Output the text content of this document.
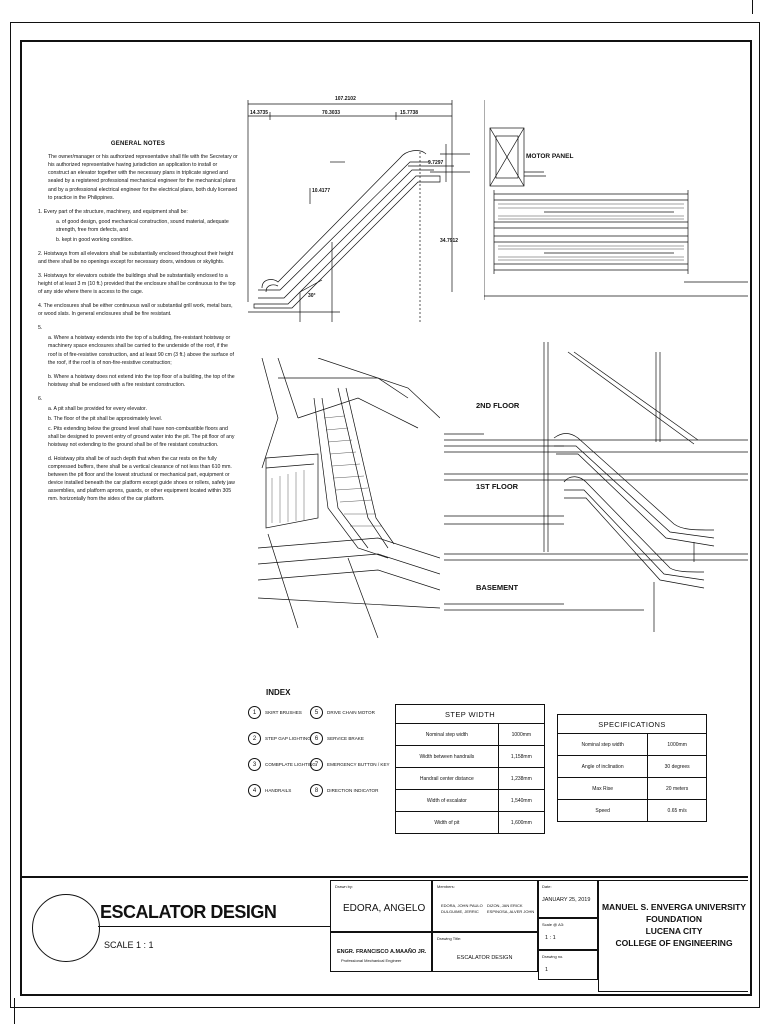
GENERAL NOTES

The owner/manager or his authorized representative shall file with the Secretary or his authorized representative having jurisdiction an application to install or construct an elevator together with the necessary plans in triplicate signed and sealed by a registered professional mechanical engineer for the mechanical plans and by a professional electrical engineer for the electrical plans, both duly licensed to practice in the Philippines.

1. Every part of the structure, machinery, and equipment shall be:

a. of good design, good mechanical construction, sound material, adequate strength, free from defects, and

b. kept in good working condition.

2. Hoistways from all elevators shall be substantially enclosed throughout their height and there shall be no openings except for necessary doors, windows or skylights.

3. Hoistways for elevators outside the buildings shall be substantially enclosed to a height of at least 3 m (10 ft.) provided that the enclosure shall be continuous to the top of any side where there is access to the cage.

4. The enclosures shall be either continuous wall or substantial grill work, metal bars, or wood slats. In general enclosures shall be fire resistant.

5.

a. Where a hoistway extends into the top of a building, fire-resistant hoistway or machinery space enclosures shall be carried to the underside of the roof, if the roof is of fire-resistive construction, and at least 90 cm (3 ft.) above the surface of the roof, if the roof is of non-fire-resistive construction;

b. Where a hoistway does not extend into the top floor of a building, the top of the hoistway shall be enclosed with a fire resistant construction.

6.

a. A pit shall be provided for every elevator.

b. The floor of the pit shall be approximately level.

c. Pits extending below the ground level shall have non-combustible floors and shall be designed to prevent entry of ground water into the pit. The pit floor of any hoistway not extending to the ground shall be of fire resistant construction.

d. Hoistway pits shall be of such depth that when the car rests on the fully compressed buffers, there shall be a vertical clearance of not less than 610 mm. between the pit floor and the lowest structural or mechanical part, equipment or device installed beneath the car platform except guide shoes or rollers, safety jaw assemblies, and platform aprons, guards, or other equipment located within 305 mm. horizontally from the sides of the car platform.

107.2102
14.3735	70.3033	15.7738
10.4177
9.7297
34.7912
30°
MOTOR PANEL
2ND FLOOR
1ST FLOOR
BASEMENT
INDEX
1	SKIRT BRUSHES
2	STEP GAP LIGHTING
3	COMBPLATE LIGHTING
4	HANDRAILS
5	DRIVE CHAIN MOTOR
6	SERVICE BRAKE
7	EMERGENCY BUTTON / KEY
8	DIRECTION INDICATOR
STEP WIDTH	
Nominal step width	1000mm
Width between handrails	1,158mm
Handrail center distance	1,238mm
Width of escalator	1,540mm
Width of pit	1,600mm
SPECIFICATIONS	
Nominal step width	1000mm
Angle of inclination	30 degrees
Max Rise	20 meters
Speed	0.65 m/s
ESCALATOR DESIGN
SCALE 1 : 1
Drawn by:
EDORA, ANGELO
ENGR. FRANCISCO A.MAAÑO JR.
Professional Mechanical Engineer
Members:
EDORA, JOHN PAULO
DULGUIME, JERRIC
DIZON, JAN ERICK
ESPINOSA, ALVER JOHN
Drawing Title:
ESCALATOR DESIGN
Date:
JANUARY 25, 2019
Scale @ A3:
1 : 1
Drawing no.
1
MANUEL S. ENVERGA UNIVERSITY
FOUNDATION
LUCENA CITY
COLLEGE OF ENGINEERING
